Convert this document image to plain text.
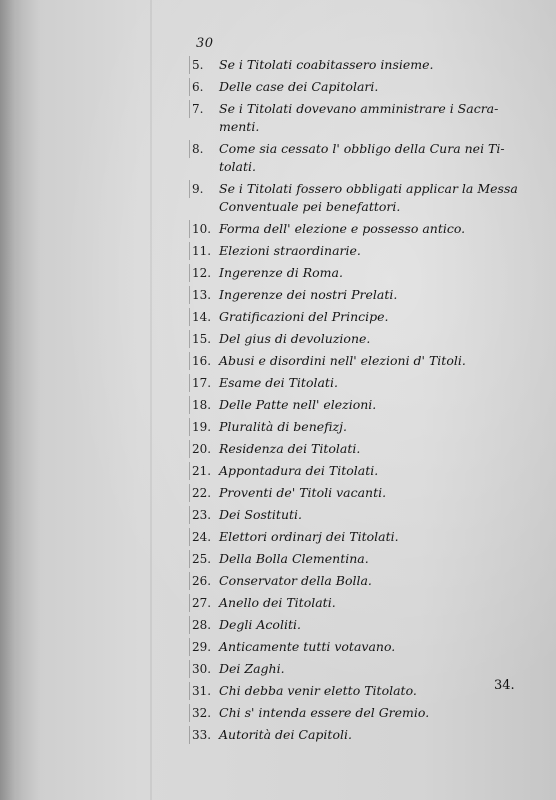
30
5.	Se i Titolati coabitassero insieme.
6.	Delle case dei Capitolari.
7.	Se i Titolati dovevano amministrare i Sacra-
menti.
8.	Come sia cessato l' obbligo della Cura nei Ti-
tolati.
9.	Se i Titolati fossero obbligati applicar la Messa
Conventuale pei benefattori.
10. Forma dell' elezione e possesso antico.
11. Elezioni straordinarie.
12. Ingerenze di Roma.
13. Ingerenze dei nostri Prelati.
14. Gratificazioni del Principe.
15. Del gius di devoluzione.
16. Abusi e disordini nell' elezioni d' Titoli.
17. Esame dei Titolati.
18. Delle Patte nell' elezioni.
19. Pluralità di benefizj.
20. Residenza dei Titolati.
21. Appontadura dei Titolati.
22. Proventi de' Titoli vacanti.
23. Dei Sostituti.
24. Elettori ordinarj dei Titolati.
25. Della Bolla Clementina.
26. Conservator della Bolla.
27. Anello dei Titolati.
28. Degli Acoliti.
29. Anticamente tutti votavano.
30. Dei Zaghi.
31. Chi debba venir eletto Titolato.
32. Chi s' intenda essere del Gremio.
33. Autorità dei Capitoli.
34.
